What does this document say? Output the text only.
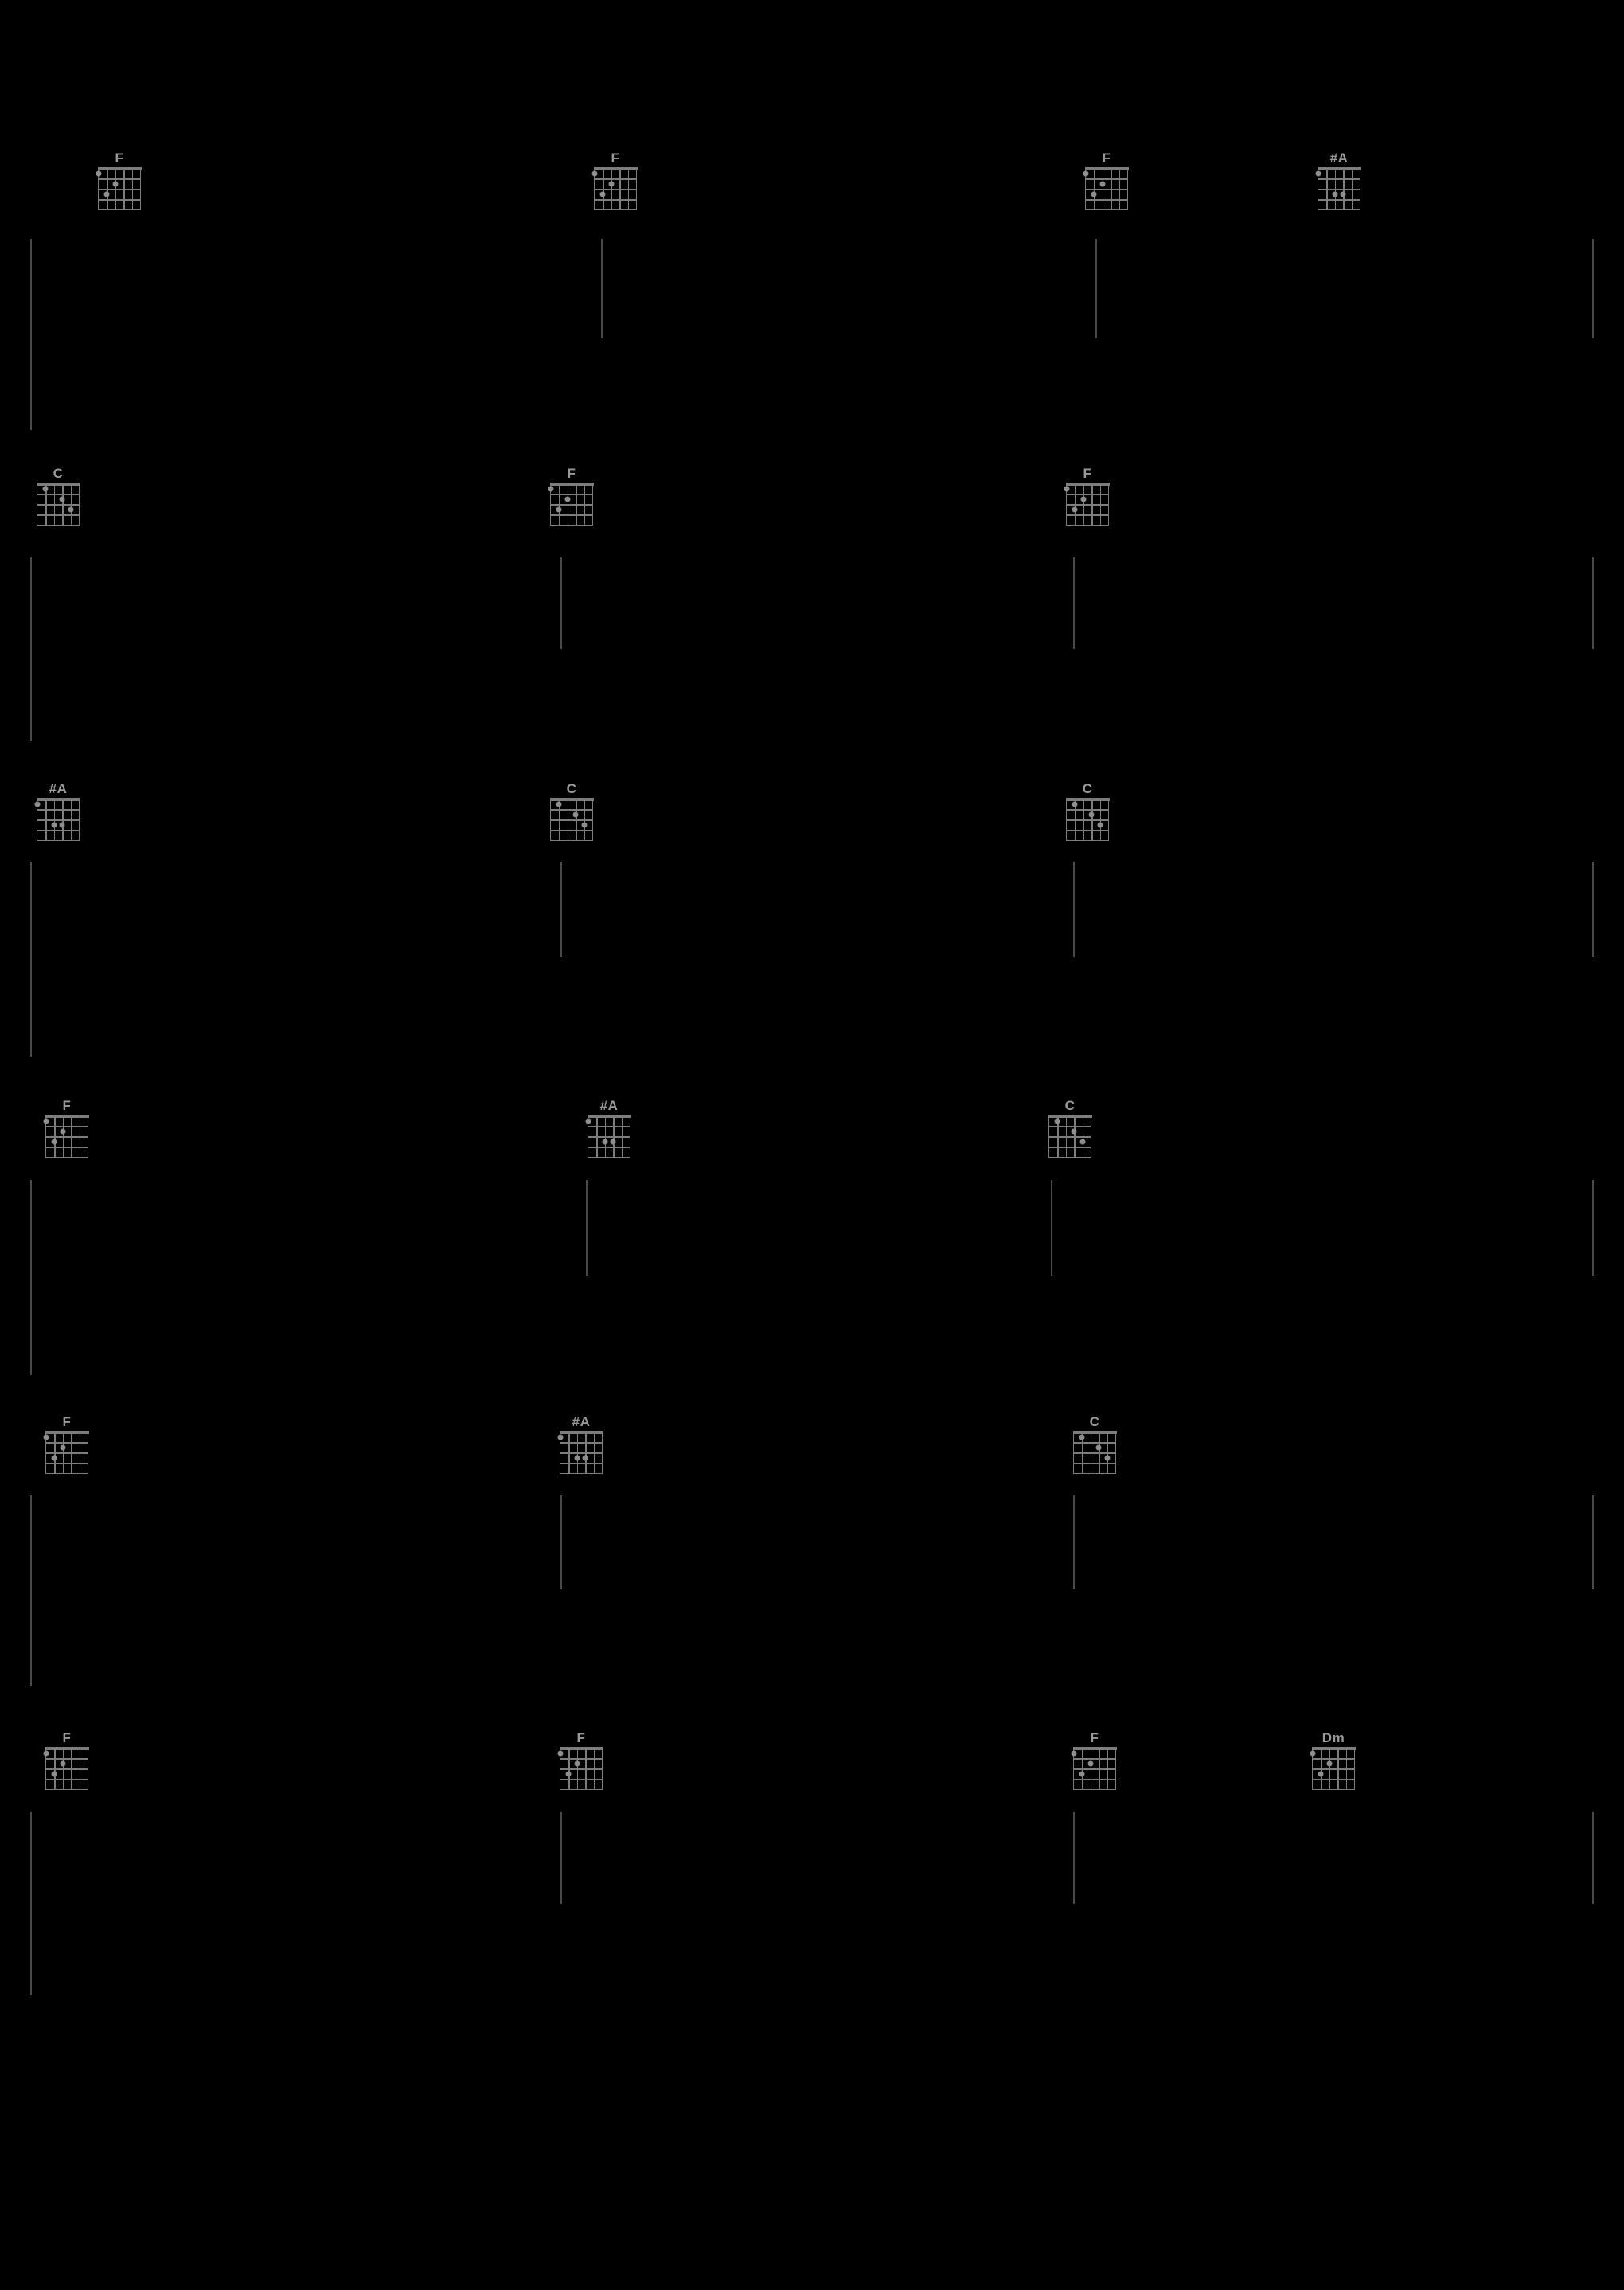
F	F	F	#A
C	F	F
#A	C	C
F	#A	C
F	#A	C
F	F	F	Dm
